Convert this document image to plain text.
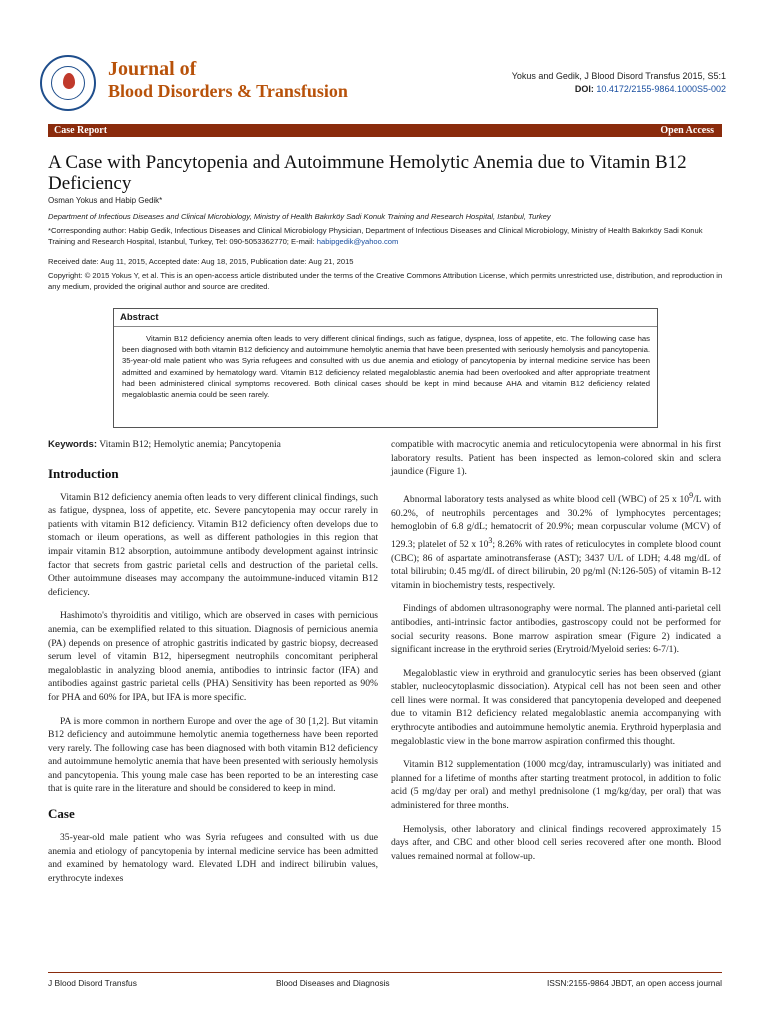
Journal of
Blood Disorders & Transfusion
Yokus and Gedik, J Blood Disord Transfus 2015, S5:1
DOI: 10.4172/2155-9864.1000S5-002
Case Report	Open Access
A Case with Pancytopenia and Autoimmune Hemolytic Anemia due to Vitamin B12 Deficiency
Osman Yokus and Habip Gedik*
Department of Infectious Diseases and Clinical Microbiology, Ministry of Health Bakırköy Sadi Konuk Training and Research Hospital, Istanbul, Turkey
*Corresponding author: Habip Gedik, Infectious Diseases and Clinical Microbiology Physician, Department of Infectious Diseases and Clinical Microbiology, Ministry of Health Bakırköy Sadi Konuk Training and Research Hospital, Istanbul, Turkey, Tel: 090-5053362770; E-mail: habipgedik@yahoo.com
Received date: Aug 11, 2015, Accepted date: Aug 18, 2015, Publication date: Aug 21, 2015
Copyright: © 2015 Yokus Y, et al. This is an open-access article distributed under the terms of the Creative Commons Attribution License, which permits unrestricted use, distribution, and reproduction in any medium, provided the original author and source are credited.
Abstract
Vitamin B12 deficiency anemia often leads to very different clinical findings, such as fatigue, dyspnea, loss of appetite, etc. The following case has been diagnosed with both vitamin B12 deficiency and autoimmune hemolytic anemia that have been presented with seriously hemolysis and pancytopenia. 35-year-old male patient who was Syria refugees and consulted with us due anemia and etiology of pancytopenia by internal medicine service has been admitted and examined by hematology ward. Vitamin B12 deficiency related megaloblastic anemia had been overlooked and after appropriate treatment had been administered clinical symptoms recovered. Both clinical cases should be kept in mind because AHA and vitamin B12 deficiency related megaloblastic anemia could be seen rarely.
Keywords: Vitamin B12; Hemolytic anemia; Pancytopenia
Introduction

Vitamin B12 deficiency anemia often leads to very different clinical findings, such as fatigue, dyspnea, loss of appetite, etc. Severe pancytopenia may occur rarely in patients with vitamin B12 deficiency. Vitamin B12 deficiency often develops due to stomach or ileum operations, as well as different pathologies in this region that impair vitamin B12 absorption, autoimmune antibody development against intrinsic factor that secrets from gastric parietal cells and destruction of the parietal cells. Other autoimmune diseases may accompany the autoimmune-induced vitamin B12 deficiency.

Hashimoto's thyroiditis and vitiligo, which are observed in cases with pernicious anemia, can be exemplified related to this situation. Diagnosis of pernicious anemia (PA) depends on presence of atrophic gastritis indicated by gastric biopsy, decreased serum level of vitamin B12, hipersegment neutrophils concomitant peripheral megaloblastic in analyzing blood anemia, antibodies to intrinsic factor (IFA) and antibodies against gastric parietal cells (PHA) Sensitivity has been reported as 90% for PHA and 60% for IPA, but IFA is more specific.

PA is more common in northern Europe and over the age of 30 [1,2]. But vitamin B12 deficiency and autoimmune hemolytic anemia togetherness have been reported very rarely. The following case has been diagnosed with both vitamin B12 deficiency and autoimmune hemolytic anemia that have been presented with seriously hemolysis and pancytopenia. This young male case has been reported to be an interesting case that is quite rare in the literature and should be considered to keep in mind.

Case

35-year-old male patient who was Syria refugees and consulted with us due anemia and etiology of pancytopenia by internal medicine service has been admitted and examined by hematology ward. Elevated LDH and indirect bilirubin values, erythrocyte indexes

compatible with macrocytic anemia and reticulocytopenia were abnormal in his first laboratory results. Patient has been inspected as lemon-colored skin and sclera jaundice (Figure 1).

Abnormal laboratory tests analysed as white blood cell (WBC) of 25 x $10^9/L$ with 60.2%, of neutrophils percentages and 30.2% of lymphocytes percentages; hemoglobin of 6.8 g/dL; hematocrit of 20.9%; mean corpuscular volume (MCV) of 129.3; platelet of 52 x $10^3$; 8.26% with rates of reticulocytes in complete blood count (CBC); 86 of aspartate aminotransferase (AST); 3437 U/L of LDH; 4.48 mg/dL of total bilirubin; 0.45 mg/dL of direct bilirubin, 20 pg/ml (N:126-505) of vitamin B-12 vitamin in biochemistry tests, respectively.

Findings of abdomen ultrasonography were normal. The planned anti-parietal cell antibodies, anti-intrinsic factor antibodies, gastroscopy could not be performed for social security reasons. Bone marrow aspiration smear (Figure 2) indicated a significant increase in the erythroid series (Erytroid/Myeloid series: 6-7/1).

Megaloblastic view in erythroid and granulocytic series has been observed (giant stabler, nucleocytoplasmic dissociation). Atypical cell has not been seen and other cell lines were normal. It was considered that pancytopenia developed and deepened due to vitamin B12 deficiency related megaloblastic anemia accompanying with erythrocyte antibodies and autoimmune hemolytic anemia. Erythroid hyperplasia and megaloblastic view in the bone marrow aspiration confirmed this thought.

Vitamin B12 supplementation (1000 mcg/day, intramuscularly) was initiated and planned for a lifetime of months after starting treatment protocol, in addition to folic acid (5 mg/day per oral) and methyl prednisolone (1 mg/kg/day, per oral) that was administered for three months.

Hemolysis, other laboratory and clinical findings recovered approximately 15 days after, and CBC and other blood cell series recovered after one month. Blood values remained normal at follow-up.

J Blood Disord Transfus	Blood Diseases and Diagnosis	ISSN:2155-9864 JBDT, an open access journal
